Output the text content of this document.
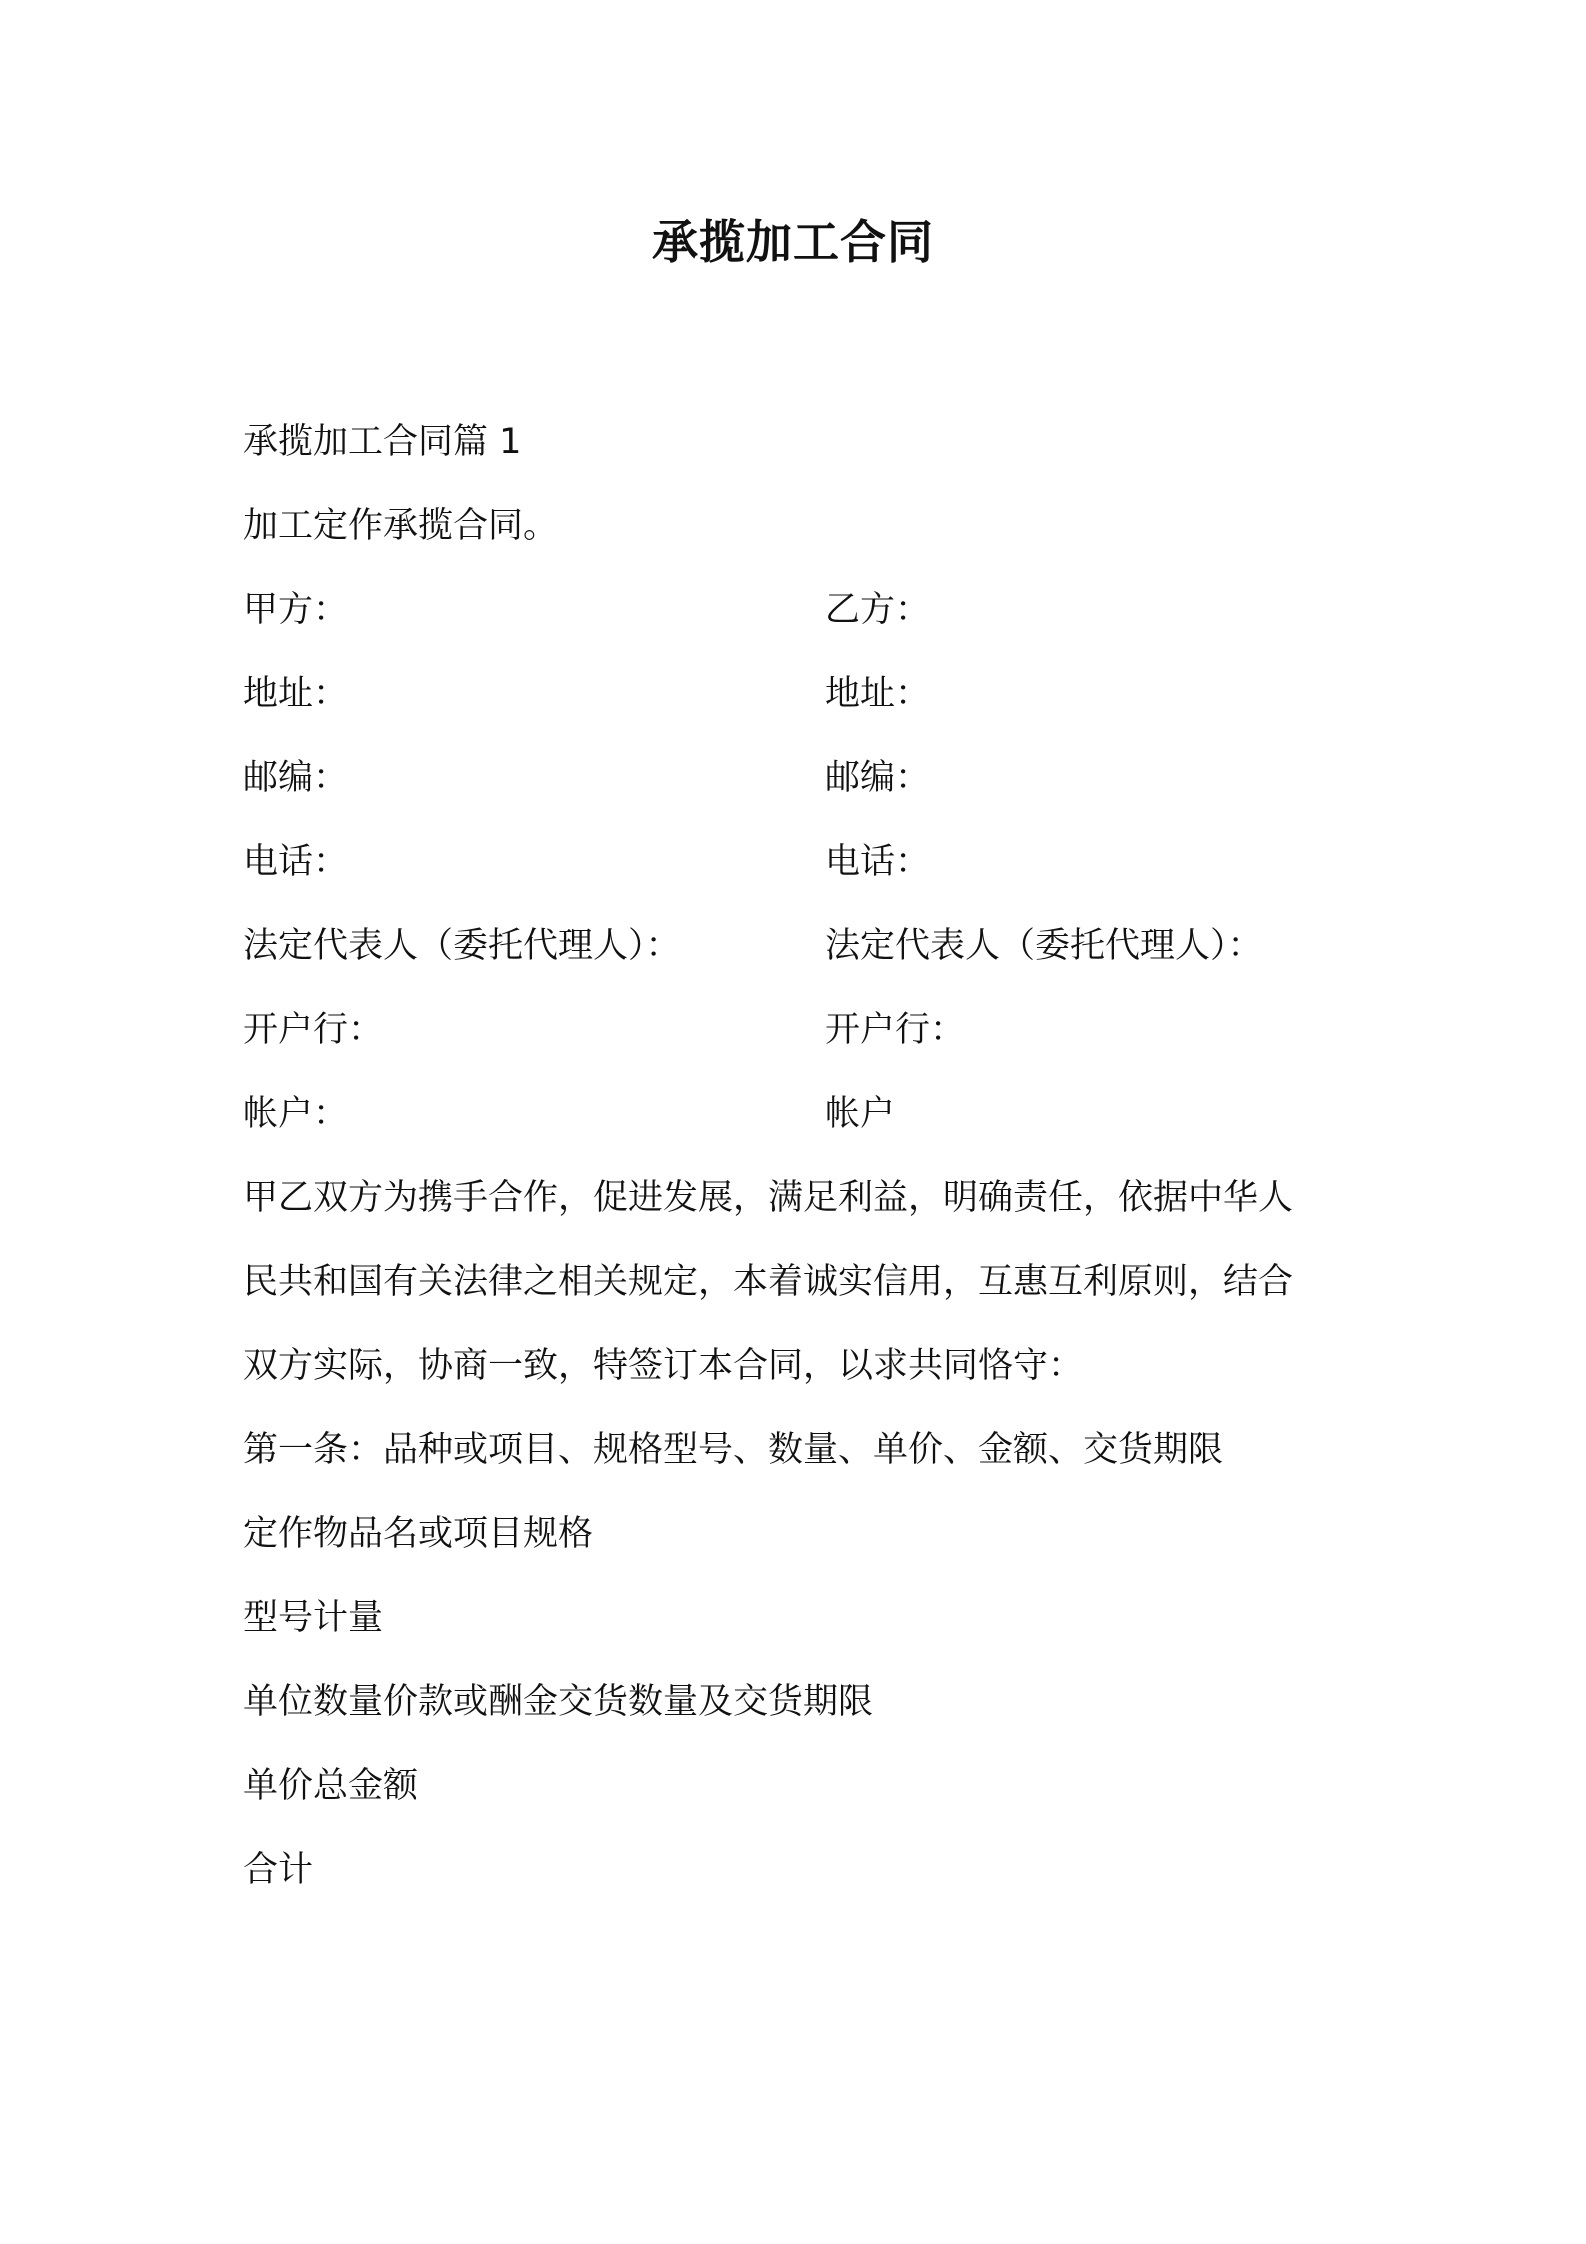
承揽加工合同
承揽加工合同篇 1
加工定作承揽合同。
甲方：	乙方：
地址：	地址：
邮编：	邮编：
电话：	电话：
法定代表人（委托代理人）：	法定代表人（委托代理人）：
开户行：	开户行：
帐户：	帐户
甲乙双方为携手合作，促进发展，满足利益，明确责任，依据中华人
民共和国有关法律之相关规定，本着诚实信用，互惠互利原则，结合
双方实际，协商一致，特签订本合同，以求共同恪守：
第一条：品种或项目、规格型号、数量、单价、金额、交货期限
定作物品名或项目规格
型号计量
单位数量价款或酬金交货数量及交货期限
单价总金额
合计
